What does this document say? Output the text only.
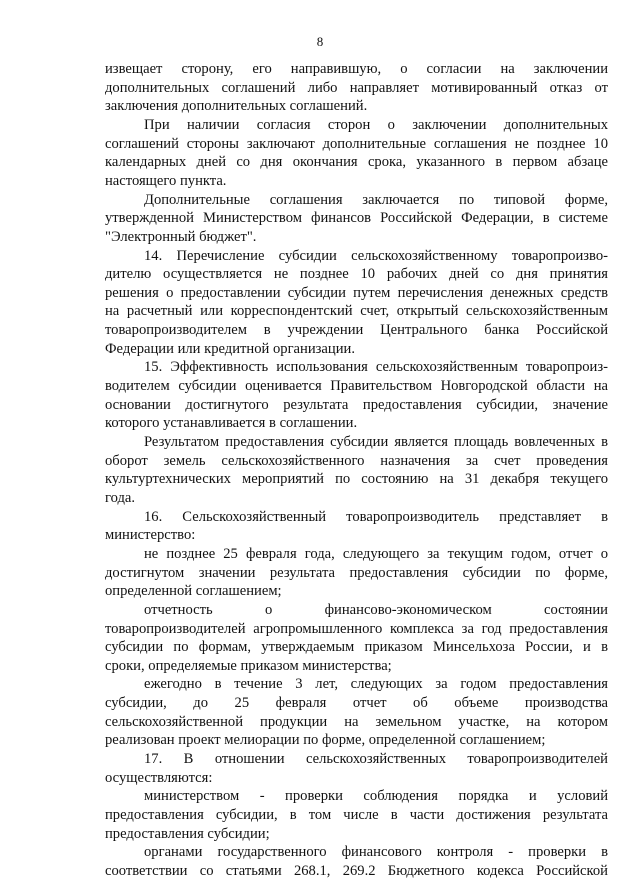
8
извещает сторону, его направившую, о согласии на заключении
дополнительных соглашений либо направляет мотивированный отказ от
заключения дополнительных соглашений.
При наличии согласия сторон о заключении дополнительных
соглашений стороны заключают дополнительные соглашения не позднее 10
календарных дней со дня окончания срока, указанного в первом абзаце
настоящего пункта.
Дополнительные соглашения заключается по типовой форме,
утвержденной Министерством финансов Российской Федерации, в системе
"Электронный бюджет".
14. Перечисление субсидии сельскохозяйственному товаропроизво-
дителю осуществляется не позднее 10 рабочих дней со дня принятия
решения о предоставлении субсидии путем перечисления денежных средств
на расчетный или корреспондентский счет, открытый сельскохозяйственным
товаропроизводителем в учреждении Центрального банка Российской
Федерации или кредитной организации.
15. Эффективность использования сельскохозяйственным товаропроиз-
водителем субсидии оценивается Правительством Новгородской области на
основании достигнутого результата предоставления субсидии, значение
которого устанавливается в соглашении.
Результатом предоставления субсидии является площадь вовлеченных в
оборот земель сельскохозяйственного назначения за счет проведения
культуртехнических мероприятий по состоянию на 31 декабря текущего
года.
16. Сельскохозяйственный товаропроизводитель представляет в
министерство:
не позднее 25 февраля года, следующего за текущим годом, отчет о
достигнутом значении результата предоставления субсидии по форме,
определенной соглашением;
отчетность о финансово-экономическом состоянии
товаропроизводителей агропромышленного комплекса за год предоставления
субсидии по формам, утверждаемым приказом Минсельхоза России, и в
сроки, определяемые приказом министерства;
ежегодно в течение 3 лет, следующих за годом предоставления
субсидии, до 25 февраля отчет об объеме производства
сельскохозяйственной продукции на земельном участке, на котором
реализован проект мелиорации по форме, определенной соглашением;
17. В отношении сельскохозяйственных товаропроизводителей
осуществляются:
министерством - проверки соблюдения порядка и условий
предоставления субсидии, в том числе в части достижения результата
предоставления субсидии;
органами государственного финансового контроля - проверки в
соответствии со статьями 268.1, 269.2 Бюджетного кодекса Российской
